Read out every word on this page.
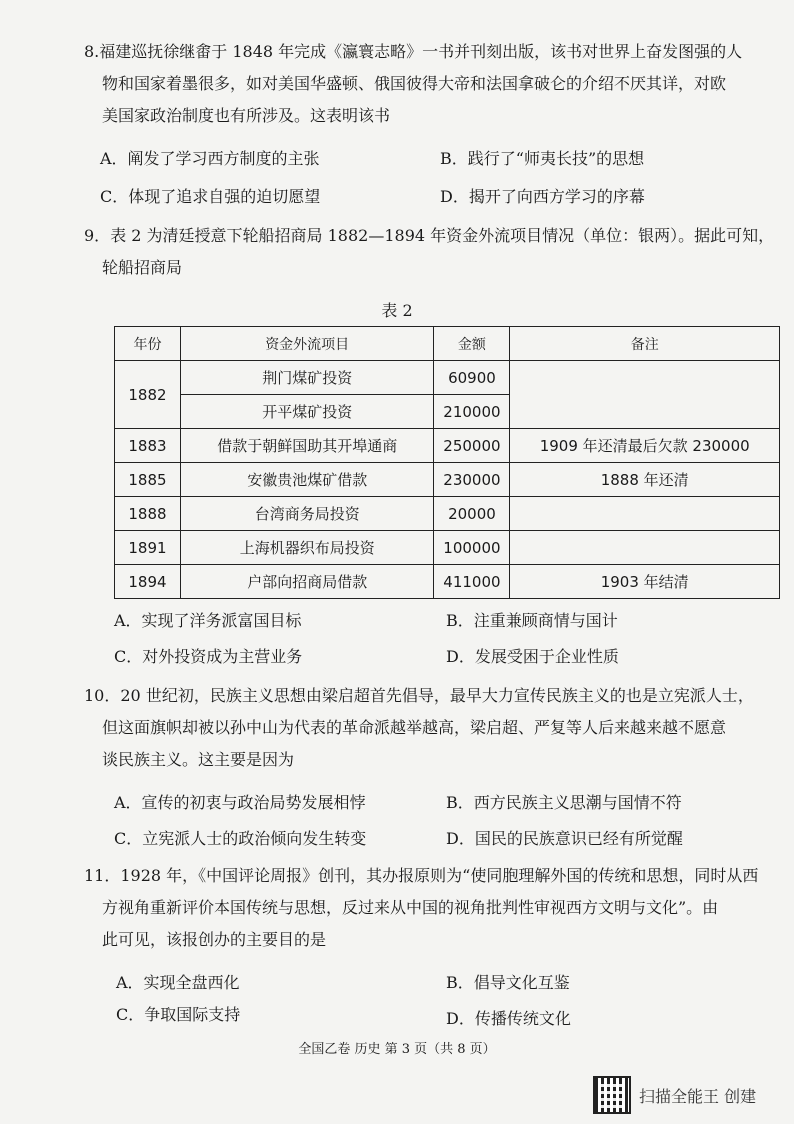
8.福建巡抚徐继畬于 1848 年完成《瀛寰志略》一书并刊刻出版，该书对世界上奋发图强的人
物和国家着墨很多，如对美国华盛顿、俄国彼得大帝和法国拿破仑的介绍不厌其详，对欧
美国家政治制度也有所涉及。这表明该书
A．阐发了学习西方制度的主张	B．践行了“师夷长技”的思想
C．体现了追求自强的迫切愿望	D．揭开了向西方学习的序幕
9．表 2 为清廷授意下轮船招商局 1882—1894 年资金外流项目情况（单位：银两）。据此可知，
轮船招商局
表 2
年份	资金外流项目	金额	备注
1882	荆门煤矿投资	60900	
	开平煤矿投资	210000	
1883	借款于朝鲜国助其开埠通商	250000	1909 年还清最后欠款 230000
1885	安徽贵池煤矿借款	230000	1888 年还清
1888	台湾商务局投资	20000	
1891	上海机器织布局投资	100000	
1894	户部向招商局借款	411000	1903 年结清
A．实现了洋务派富国目标	B．注重兼顾商情与国计
C．对外投资成为主营业务	D．发展受困于企业性质
10．20 世纪初，民族主义思想由梁启超首先倡导，最早大力宣传民族主义的也是立宪派人士，
但这面旗帜却被以孙中山为代表的革命派越举越高，梁启超、严复等人后来越来越不愿意
谈民族主义。这主要是因为
A．宣传的初衷与政治局势发展相悖	B．西方民族主义思潮与国情不符
C．立宪派人士的政治倾向发生转变	D．国民的民族意识已经有所觉醒
11．1928 年，《中国评论周报》创刊，其办报原则为“使同胞理解外国的传统和思想，同时从西
方视角重新评价本国传统与思想，反过来从中国的视角批判性审视西方文明与文化”。由
此可见，该报创办的主要目的是
A．实现全盘西化	B．倡导文化互鉴
C．争取国际支持	D．传播传统文化
全国乙卷 历史 第 3 页（共 8 页）
扫描全能王 创建
